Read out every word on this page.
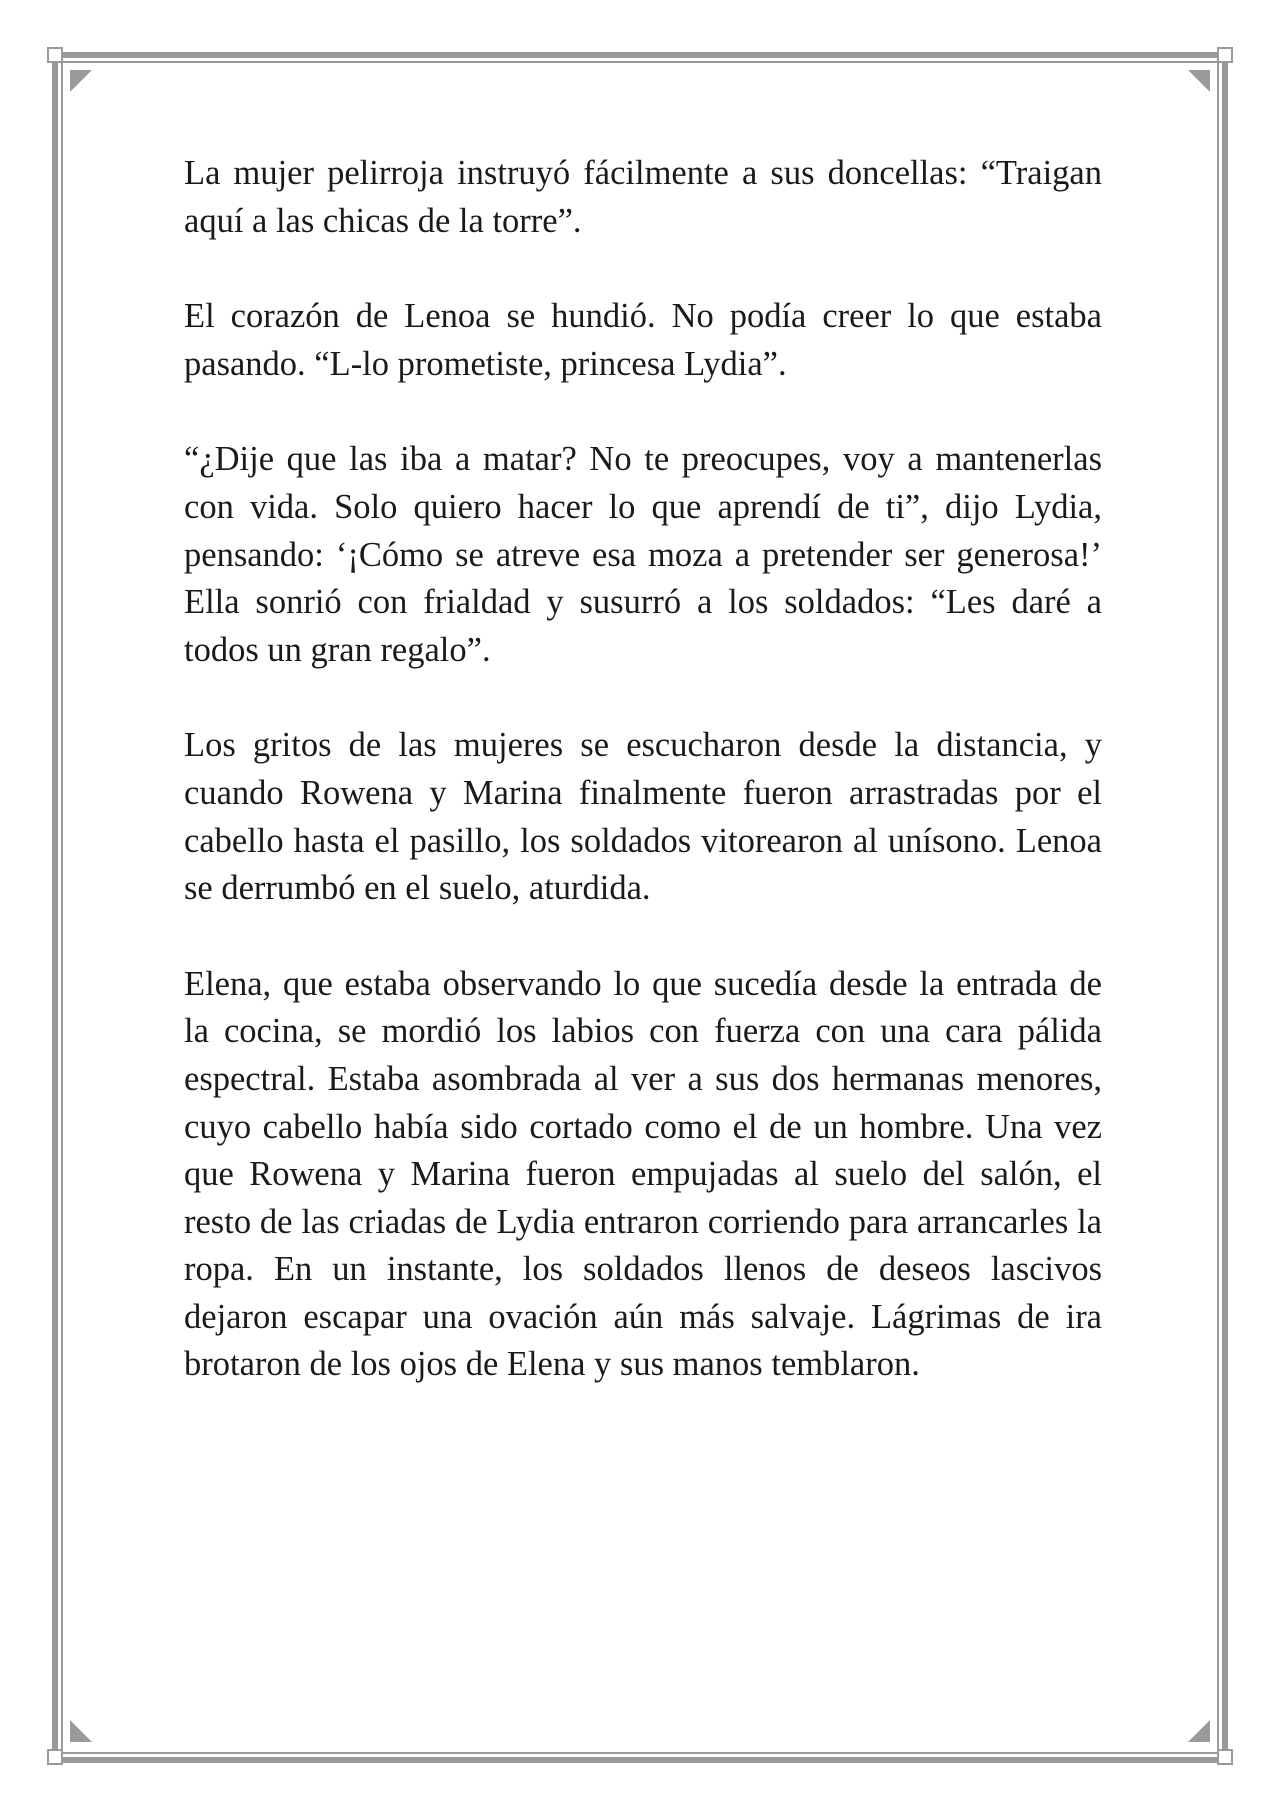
La mujer pelirroja instruyó fácilmente a sus doncellas: “Traigan aquí a las chicas de la torre”.

El corazón de Lenoa se hundió. No podía creer lo que estaba pasando. “L-lo prometiste, princesa Lydia”.

“¿Dije que las iba a matar? No te preocupes, voy a mantenerlas con vida. Solo quiero hacer lo que aprendí de ti”, dijo Lydia, pensando: ‘¡Cómo se atreve esa moza a pretender ser generosa!’ Ella sonrió con frialdad y susurró a los soldados: “Les daré a todos un gran regalo”.

Los gritos de las mujeres se escucharon desde la distancia, y cuando Rowena y Marina finalmente fueron arrastradas por el cabello hasta el pasillo, los soldados vitorearon al unísono. Lenoa se derrumbó en el suelo, aturdida.

Elena, que estaba observando lo que sucedía desde la entrada de la cocina, se mordió los labios con fuerza con una cara pálida espectral. Estaba asombrada al ver a sus dos hermanas menores, cuyo cabello había sido cortado como el de un hombre. Una vez que Rowena y Marina fueron empujadas al suelo del salón, el resto de las criadas de Lydia entraron corriendo para arrancarles la ropa. En un instante, los soldados llenos de deseos lascivos dejaron escapar una ovación aún más salvaje. Lágrimas de ira brotaron de los ojos de Elena y sus manos temblaron.
